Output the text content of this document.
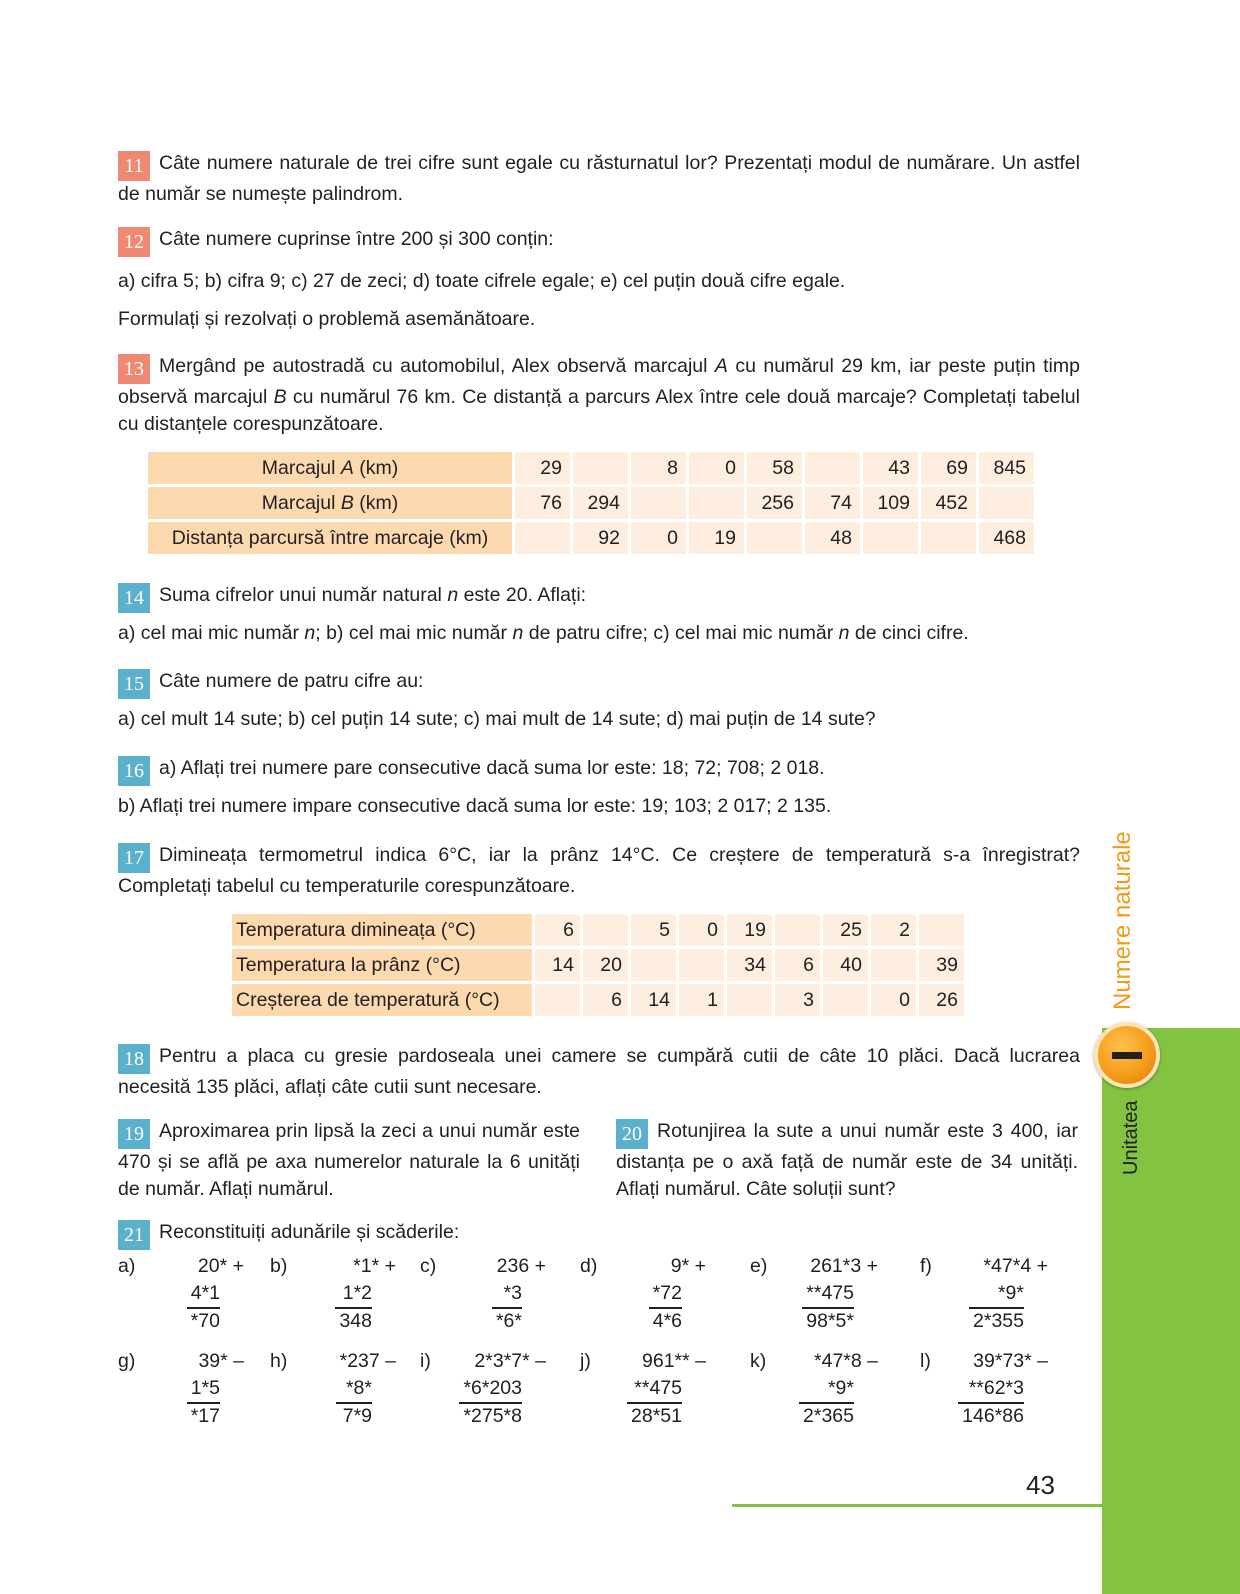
11 Câte numere naturale de trei cifre sunt egale cu răsturnatul lor? Prezentați modul de numărare. Un astfel de număr se numește palindrom.
12 Câte numere cuprinse între 200 și 300 conțin:
a) cifra 5; b) cifra 9; c) 27 de zeci; d) toate cifrele egale; e) cel puțin două cifre egale.
Formulați și rezolvați o problemă asemănătoare.
13 Mergând pe autostradă cu automobilul, Alex observă marcajul A cu numărul 29 km, iar peste puțin timp observă marcajul B cu numărul 76 km. Ce distanță a parcurs Alex între cele două marcaje? Completați tabelul cu distanțele corespunzătoare.
Marcajul A (km)	29		8	0	58		43	69	845
Marcajul B (km)	76	294			256	74	109	452	
Distanța parcursă între marcaje (km)		92	0	19		48			468
14 Suma cifrelor unui număr natural n este 20. Aflați:
a) cel mai mic număr n; b) cel mai mic număr n de patru cifre; c) cel mai mic număr n de cinci cifre.
15 Câte numere de patru cifre au:
a) cel mult 14 sute; b) cel puțin 14 sute; c) mai mult de 14 sute; d) mai puțin de 14 sute?
16 a) Aflați trei numere pare consecutive dacă suma lor este: 18; 72; 708; 2 018.
b) Aflați trei numere impare consecutive dacă suma lor este: 19; 103; 2 017; 2 135.
17 Dimineața termometrul indica 6°C, iar la prânz 14°C. Ce creștere de temperatură s-a înregistrat? Completați tabelul cu temperaturile corespunzătoare.
Temperatura dimineața (°C)	6		5	0	19		25	2	
Temperatura la prânz (°C)	14	20			34	6	40		39
Creșterea de temperatură (°C)		6	14	1		3		0	26
18 Pentru a placa cu gresie pardoseala unei camere se cumpără cutii de câte 10 plăci. Dacă lucrarea necesită 135 plăci, aflați câte cutii sunt necesare.
19 Aproximarea prin lipsă la zeci a unui număr este 470 și se află pe axa numerelor naturale la 6 unități de număr. Aflați numărul.
20 Rotunjirea la sute a unui număr este 3 400, iar distanța pe o axă față de număr este de 34 unități. Aflați numărul. Câte soluții sunt?
21 Reconstituiți adunările și scăderile:
a)	20* +
4*1
*70
b)	*1* +
1*2
348
c)	236 +
*3
*6*
d)	9* +
*72
4*6
e) 261*3 +
**475
98*5*
f)	*47*4 +
*9*
2*355
g)	39* –
1*5
*17
h)	*237 –
*8*
7*9
i) 2*3*7* –
*6*203
*275*8
j)	961** –
**475
28*51
k) *47*8 –
*9*
2*365
l) 39*73* –
**62*3
146*86
Numere naturale
Unitatea
43
